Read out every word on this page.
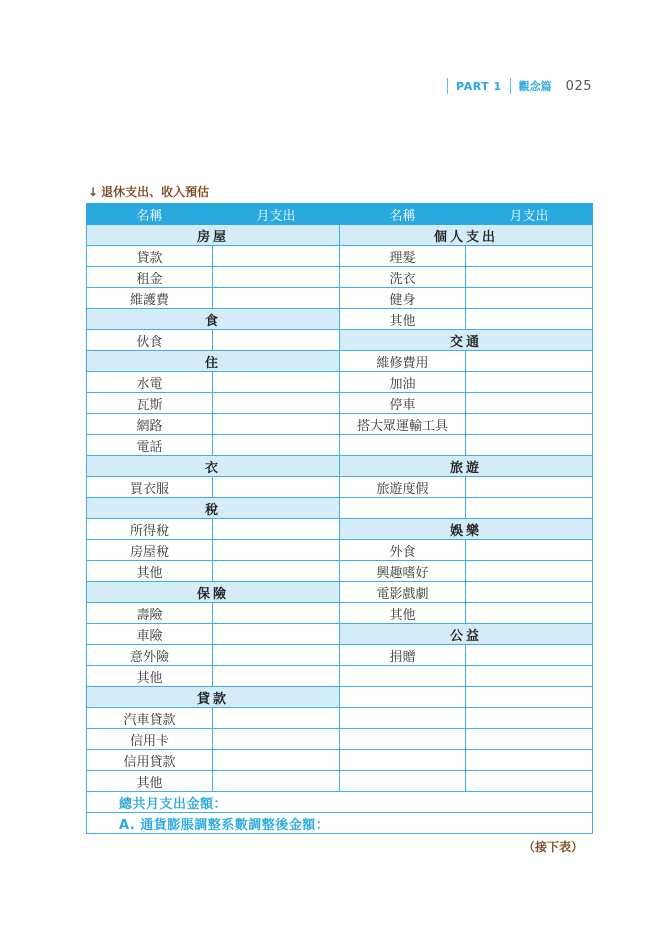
PART 1 觀念篇 025
↓ 退休支出、收入預估
名稱	月支出	名稱	月支出
房屋		個人支出	
貸款		理髮	
租金		洗衣	
維護費		健身	
食		其他	
伙食		交通	
住		維修費用	
水電		加油	
瓦斯		停車	
網路		搭大眾運輸工具	
電話			
衣		旅遊	
買衣服		旅遊度假	
稅			
所得稅		娛樂	
房屋稅		外食	
其他		興趣嗜好	
保險		電影戲劇	
壽險		其他	
車險		公益	
意外險		捐贈	
其他			
貸款			
汽車貸款			
信用卡			
信用貸款			
其他			
總共月支出金額：			
A. 通貨膨脹調整系數調整後金額：			
（接下表）
